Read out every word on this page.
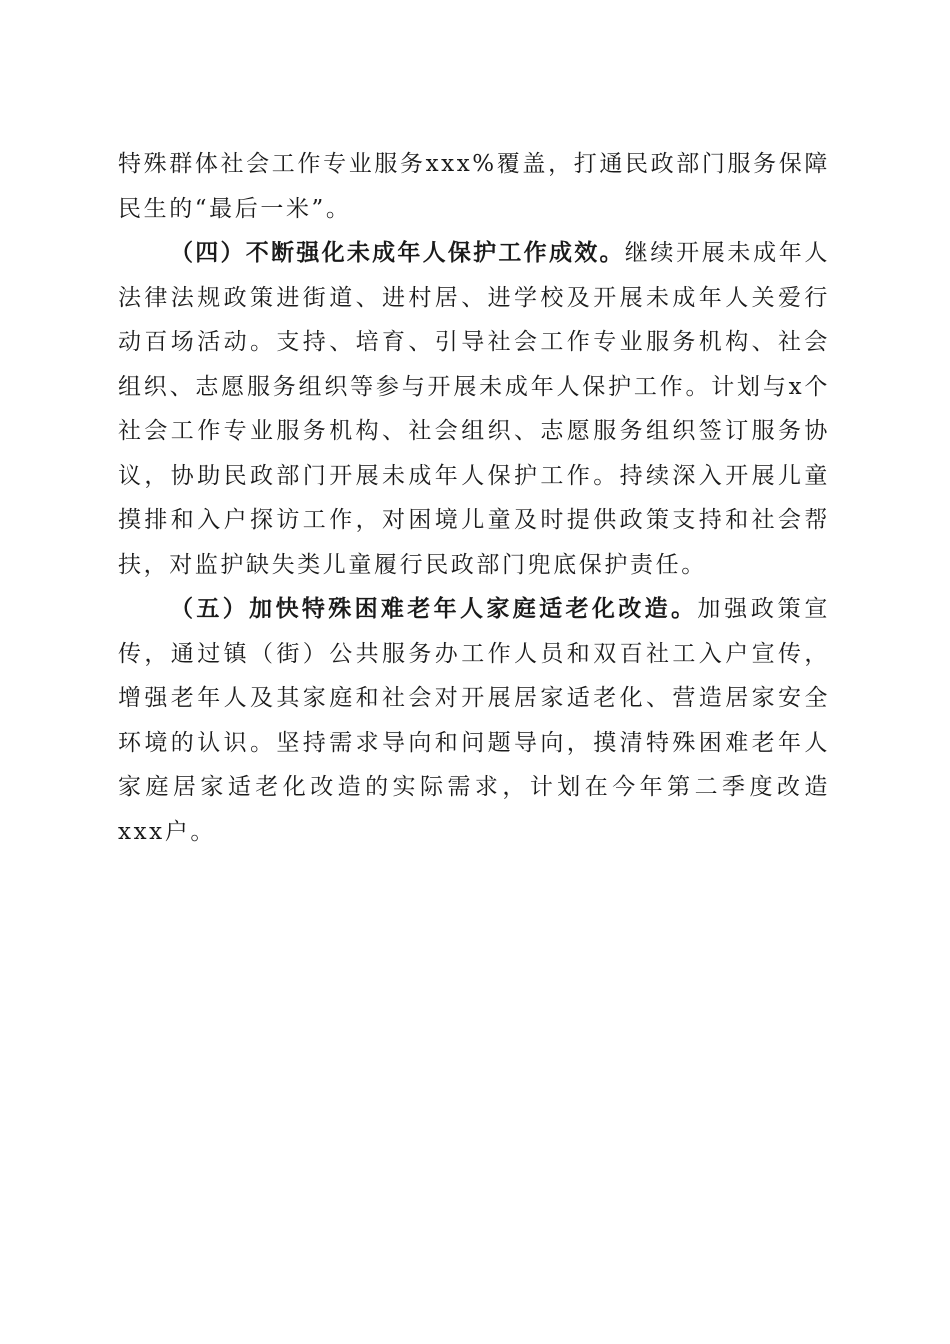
特殊群体社会工作专业服务xxx%覆盖，打通民政部门服务保障民生的“最后一米”。

（四）不断强化未成年人保护工作成效。继续开展未成年人法律法规政策进街道、进村居、进学校及开展未成年人关爱行动百场活动。支持、培育、引导社会工作专业服务机构、社会组织、志愿服务组织等参与开展未成年人保护工作。计划与x个社会工作专业服务机构、社会组织、志愿服务组织签订服务协议，协助民政部门开展未成年人保护工作。持续深入开展儿童摸排和入户探访工作，对困境儿童及时提供政策支持和社会帮扶，对监护缺失类儿童履行民政部门兜底保护责任。

（五）加快特殊困难老年人家庭适老化改造。加强政策宣传，通过镇（街）公共服务办工作人员和双百社工入户宣传，增强老年人及其家庭和社会对开展居家适老化、营造居家安全环境的认识。坚持需求导向和问题导向，摸清特殊困难老年人家庭居家适老化改造的实际需求，计划在今年第二季度改造xxx户。
